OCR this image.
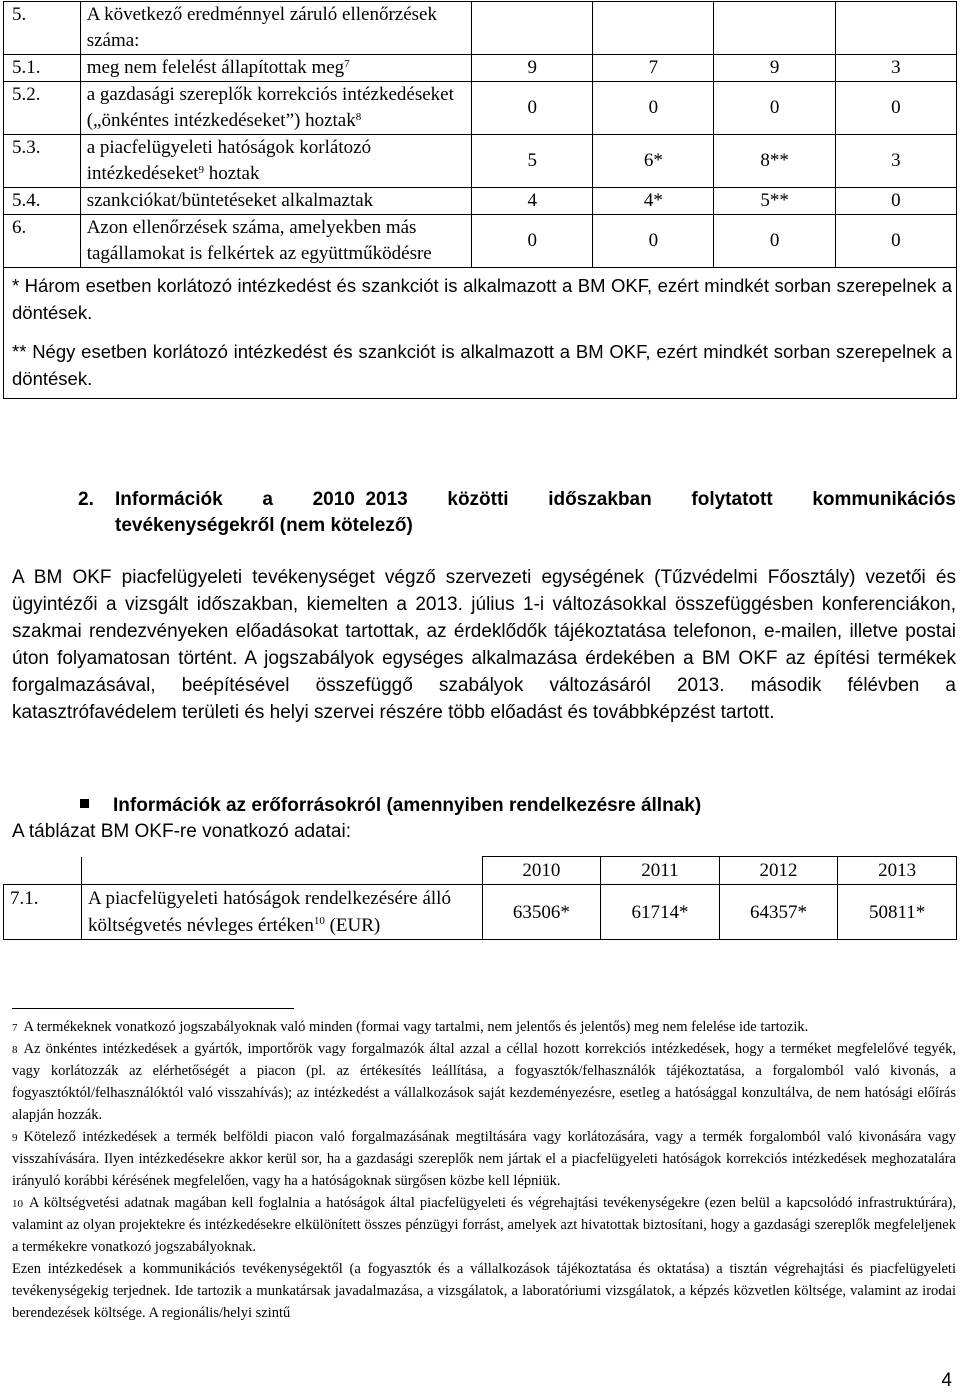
5.	A következő eredménnyel záruló ellenőrzések száma:				
5.1.	meg nem felelést állapítottak meg$^7$	9	7	9	3
5.2.	a gazdasági szereplők korrekciós intézkedéseket („önkéntes intézkedéseket”) hoztak$^8$	0	0	0	0
5.3.	a piacfelügyeleti hatóságok korlátozó intézkedéseket$^9$ hoztak	5	6*	8**	3
5.4.	szankciókat/büntetéseket alkalmaztak	4	4*	5**	0
6.	Azon ellenőrzések száma, amelyekben más tagállamokat is felkértek az együttműködésre	0	0	0	0

* Három esetben korlátozó intézkedést és szankciót is alkalmazott a BM OKF, ezért mindkét sorban szerepelnek a döntések.

** Négy esetben korlátozó intézkedést és szankciót is alkalmazott a BM OKF, ezért mindkét sorban szerepelnek a döntések.					

2. Információk a 2010 2013 közötti időszakban folytatott kommunikációs
tevékenységekről (nem kötelező)
A BM OKF piacfelügyeleti tevékenységet végző szervezeti egységének (Tűzvédelmi Főosztály) vezetői és ügyintézői a vizsgált időszakban, kiemelten a 2013. július 1-i változásokkal összefüggésben konferenciákon, szakmai rendezvényeken előadásokat tartottak, az érdeklődők tájékoztatása telefonon, e-mailen, illetve postai úton folyamatosan történt. A jogszabályok egységes alkalmazása érdekében a BM OKF az építési termékek forgalmazásával, beépítésével összefüggő szabályok változásáról 2013. második félévben a katasztrófavédelem területi és helyi szervei részére több előadást és továbbképzést tartott.
Információk az erőforrásokról (amennyiben rendelkezésre állnak)
A táblázat BM OKF-re vonatkozó adatai:
		2010	2011	2012	2013
7.1.	A piacfelügyeleti hatóságok rendelkezésére álló költségvetés névleges értéken$^{10}$ (EUR)	63506*	61714*	64357*	50811*

$^7$ A termékeknek vonatkozó jogszabályoknak való minden (formai vagy tartalmi, nem jelentős és jelentős) meg nem felelése ide tartozik.

$^8$ Az önkéntes intézkedések a gyártók, importőrök vagy forgalmazók által azzal a céllal hozott korrekciós intézkedések, hogy a terméket megfelelővé tegyék, vagy korlátozzák az elérhetőségét a piacon (pl. az értékesítés leállítása, a fogyasztók/felhasználók tájékoztatása, a forgalomból való kivonás, a fogyasztóktól/felhasználóktól való visszahívás); az intézkedést a vállalkozások saját kezdeményezésre, esetleg a hatósággal konzultálva, de nem hatósági előírás alapján hozzák.

$^9$ Kötelező intézkedések a termék belföldi piacon való forgalmazásának megtiltására vagy korlátozására, vagy a termék forgalomból való kivonására vagy visszahívására. Ilyen intézkedésekre akkor kerül sor, ha a gazdasági szereplők nem jártak el a piacfelügyeleti hatóságok korrekciós intézkedések meghozatalára irányuló korábbi kérésének megfelelően, vagy ha a hatóságoknak sürgősen közbe kell lépniük.

$^{10}$ A költségvetési adatnak magában kell foglalnia a hatóságok által piacfelügyeleti és végrehajtási tevékenységekre (ezen belül a kapcsolódó infrastruktúrára), valamint az olyan projektekre és intézkedésekre elkülönített összes pénzügyi forrást, amelyek azt hivatottak biztosítani, hogy a gazdasági szereplők megfeleljenek a termékekre vonatkozó jogszabályoknak.

Ezen intézkedések a kommunikációs tevékenységektől (a fogyasztók és a vállalkozások tájékoztatása és oktatása) a tisztán végrehajtási és piacfelügyeleti tevékenységekig terjednek. Ide tartozik a munkatársak javadalmazása, a vizsgálatok, a laboratóriumi vizsgálatok, a képzés közvetlen költsége, valamint az irodai berendezések költsége. A regionális/helyi szintű

4
